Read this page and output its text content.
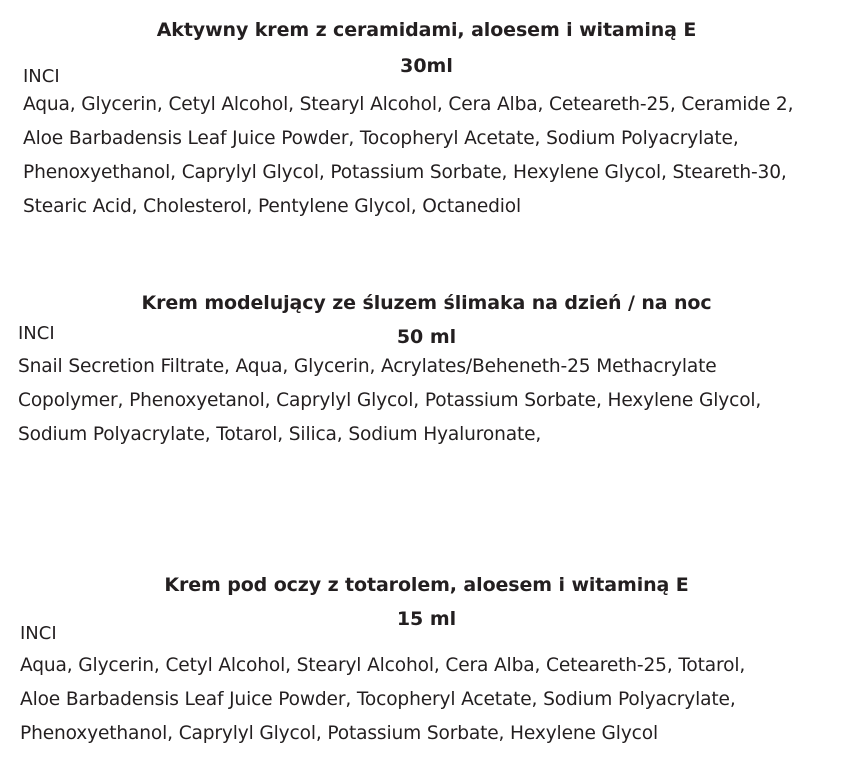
Aktywny krem z ceramidami, aloesem i witaminą E
30ml
INCI
Aqua, Glycerin, Cetyl Alcohol, Stearyl Alcohol, Cera Alba, Ceteareth-25, Ceramide 2,
Aloe Barbadensis Leaf Juice Powder, Tocopheryl Acetate, Sodium Polyacrylate,
Phenoxyethanol, Caprylyl Glycol, Potassium Sorbate, Hexylene Glycol, Steareth-30,
Stearic Acid, Cholesterol, Pentylene Glycol, Octanediol
Krem modelujący ze śluzem ślimaka na dzień / na noc
INCI	50 ml
Snail Secretion Filtrate, Aqua, Glycerin, Acrylates/Beheneth-25 Methacrylate
Copolymer, Phenoxyetanol, Caprylyl Glycol, Potassium Sorbate, Hexylene Glycol,
Sodium Polyacrylate, Totarol, Silica, Sodium Hyaluronate,
Krem pod oczy z totarolem, aloesem i witaminą E
15 ml
INCI
Aqua, Glycerin, Cetyl Alcohol, Stearyl Alcohol, Cera Alba, Ceteareth-25, Totarol,
Aloe Barbadensis Leaf Juice Powder, Tocopheryl Acetate, Sodium Polyacrylate,
Phenoxyethanol, Caprylyl Glycol, Potassium Sorbate, Hexylene Glycol
